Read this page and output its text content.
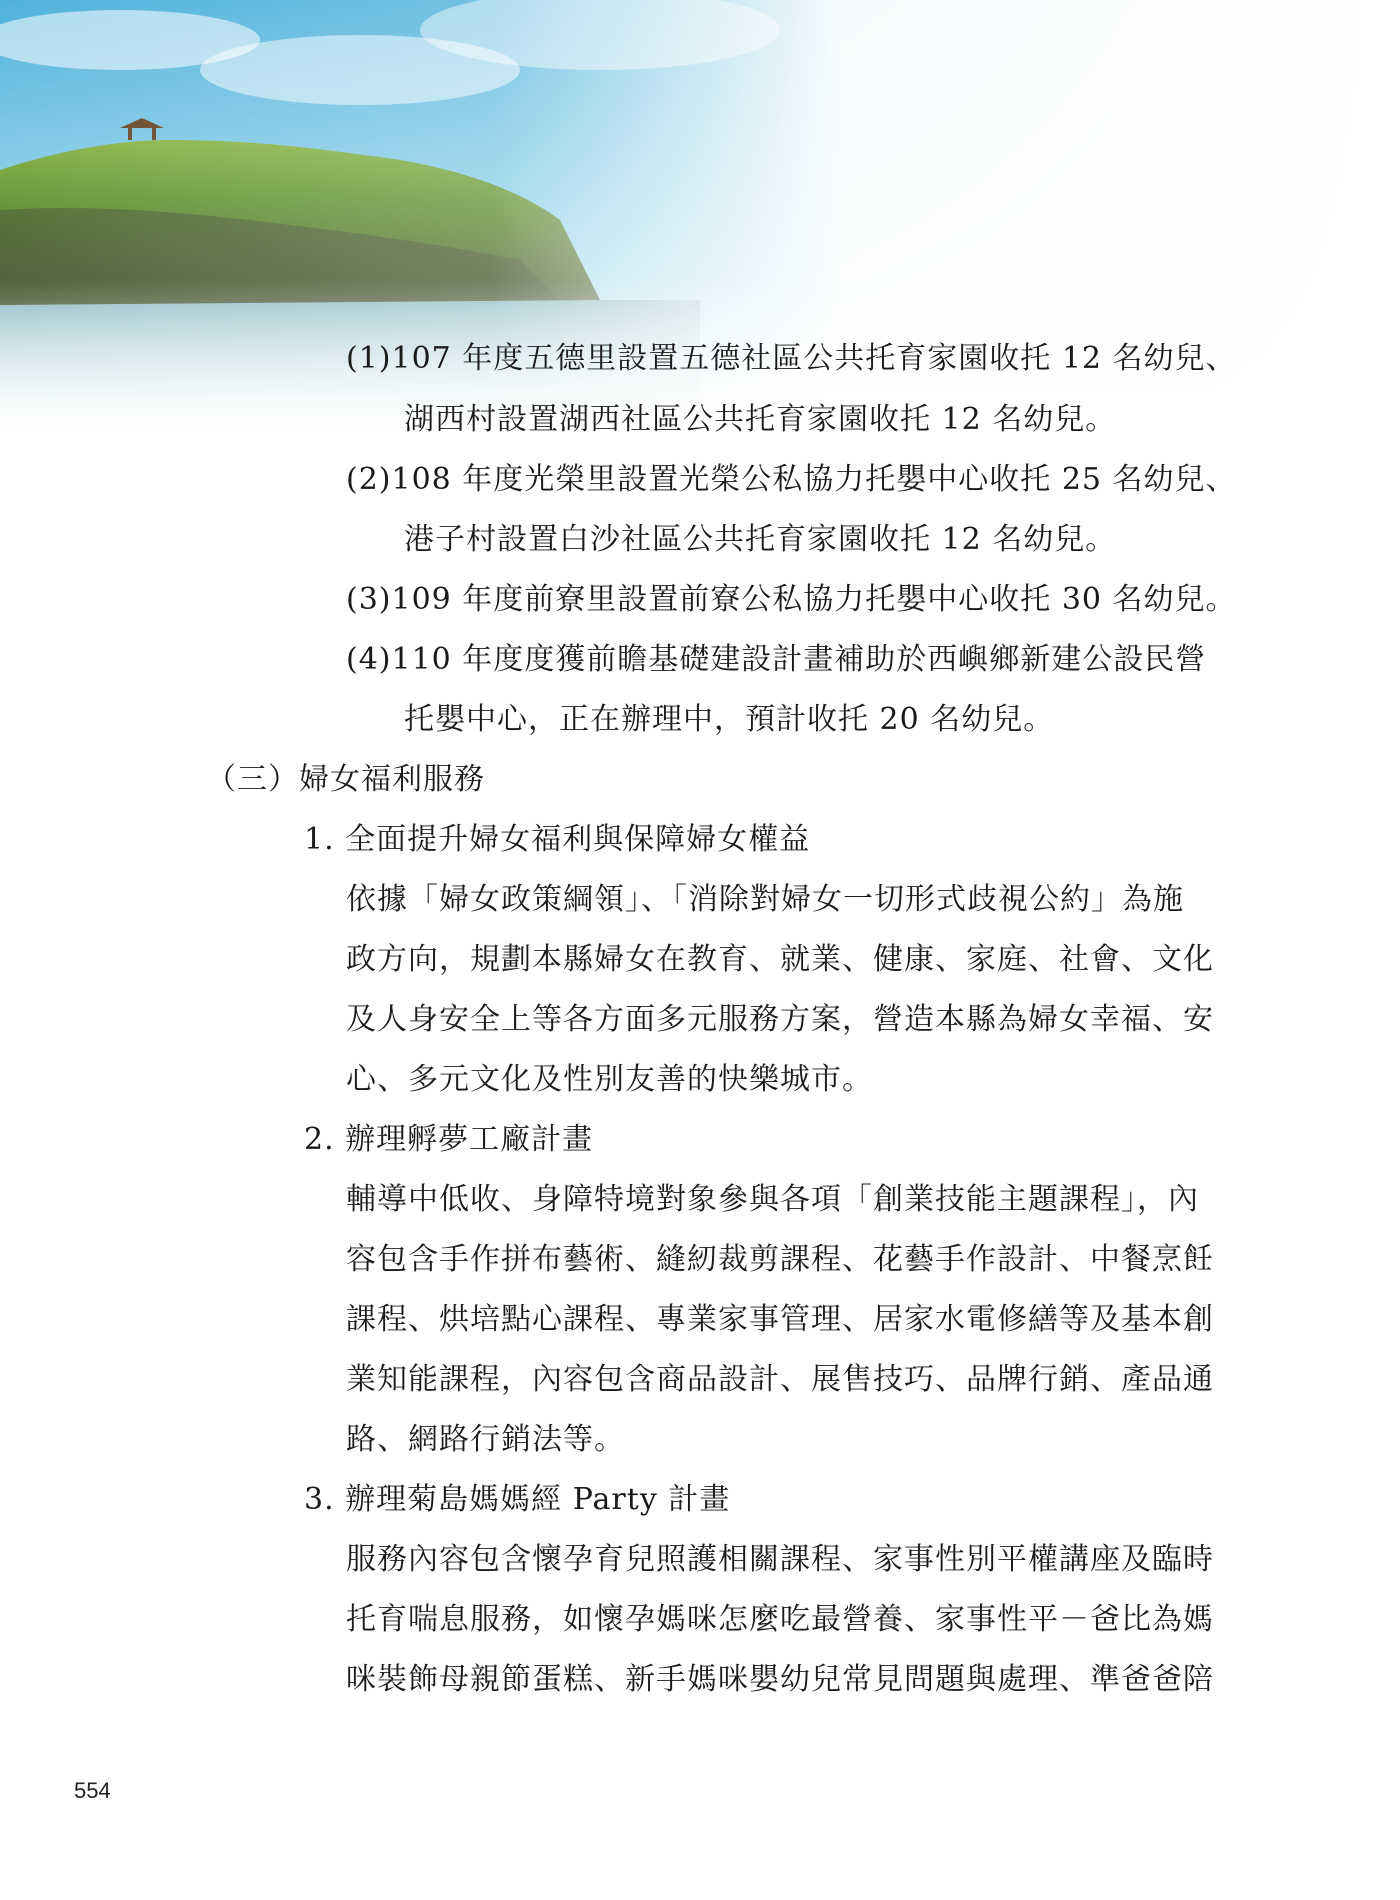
(1)107 年度五德里設置五德社區公共托育家園收托 12 名幼兒、
湖西村設置湖西社區公共托育家園收托 12 名幼兒。
(2)108 年度光榮里設置光榮公私協力托嬰中心收托 25 名幼兒、
港子村設置白沙社區公共托育家園收托 12 名幼兒。
(3)109 年度前寮里設置前寮公私協力托嬰中心收托 30 名幼兒。
(4)110 年度度獲前瞻基礎建設計畫補助於西嶼鄉新建公設民營
托嬰中心，正在辦理中，預計收托 20 名幼兒。
（三）婦女福利服務
1. 全面提升婦女福利與保障婦女權益
依據「婦女政策綱領」、「消除對婦女一切形式歧視公約」為施
政方向，規劃本縣婦女在教育、就業、健康、家庭、社會、文化
及人身安全上等各方面多元服務方案，營造本縣為婦女幸福、安
心、多元文化及性別友善的快樂城市。
2. 辦理孵夢工廠計畫
輔導中低收、身障特境對象參與各項「創業技能主題課程」，內
容包含手作拼布藝術、縫紉裁剪課程、花藝手作設計、中餐烹飪
課程、烘培點心課程、專業家事管理、居家水電修繕等及基本創
業知能課程，內容包含商品設計、展售技巧、品牌行銷、產品通
路、網路行銷法等。
3. 辦理菊島媽媽經 Party 計畫
服務內容包含懷孕育兒照護相關課程、家事性別平權講座及臨時
托育喘息服務，如懷孕媽咪怎麼吃最營養、家事性平－爸比為媽
咪裝飾母親節蛋糕、新手媽咪嬰幼兒常見問題與處理、準爸爸陪
554
